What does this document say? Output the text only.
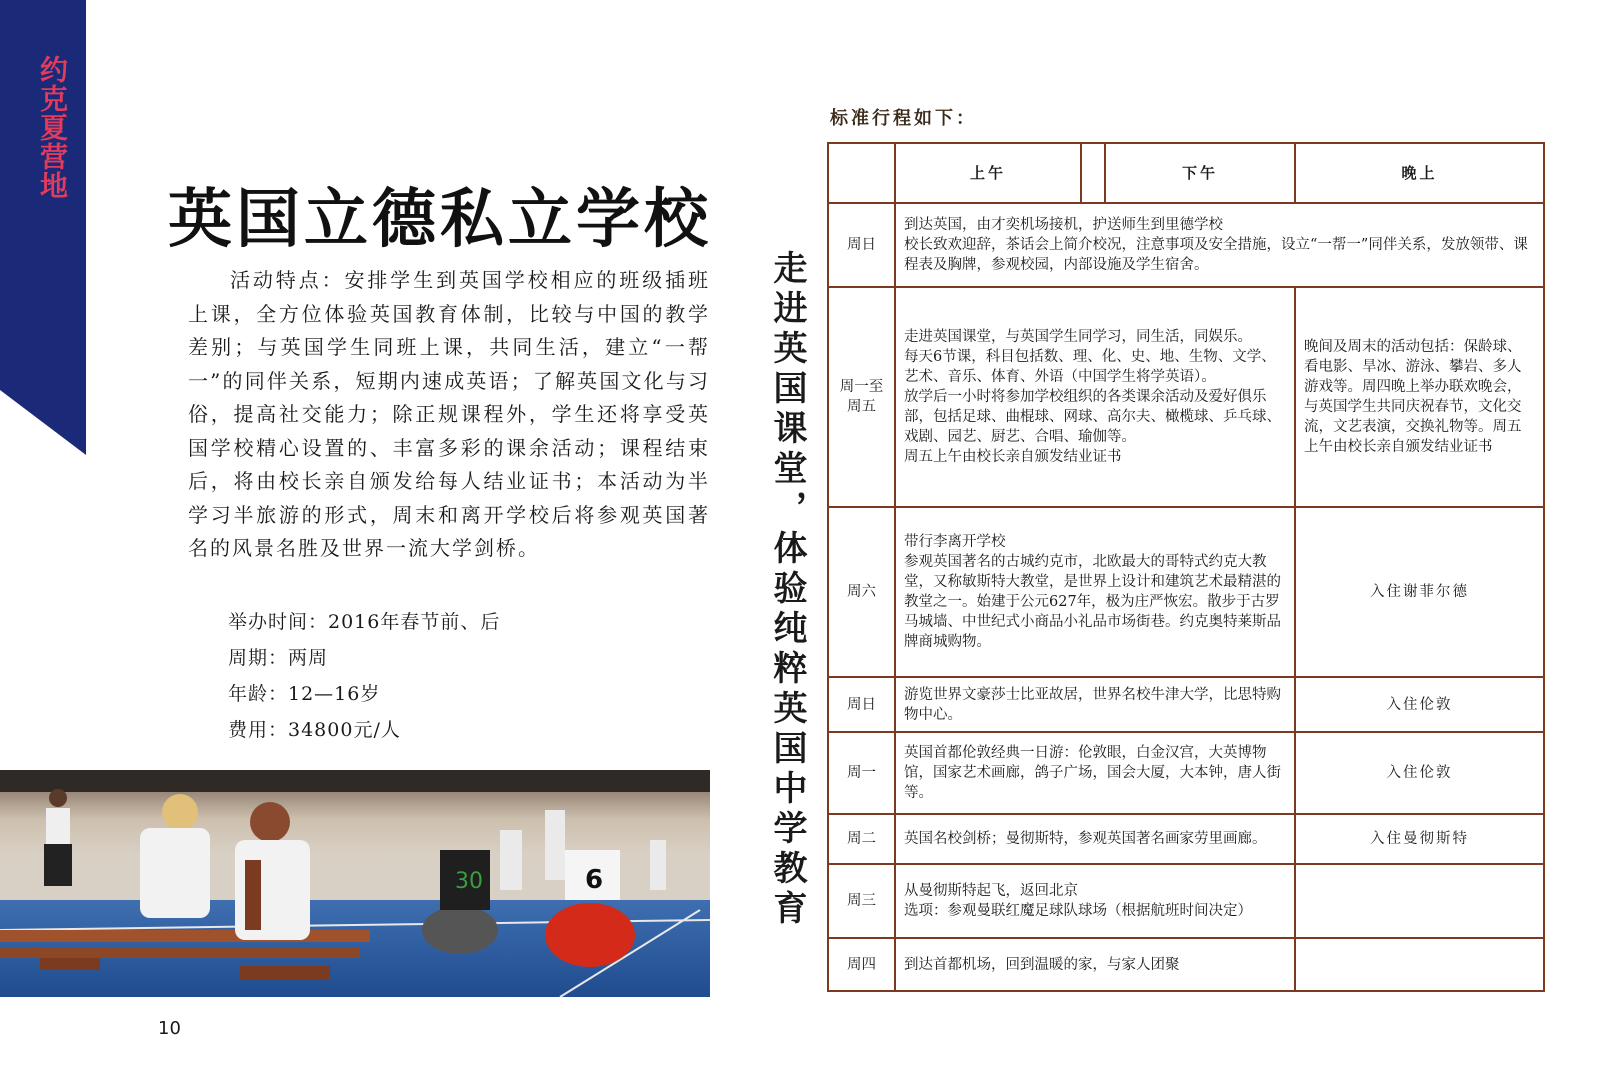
约克夏营地
英国立德私立学校
活动特点：安排学生到英国学校相应的班级插班上课，全方位体验英国教育体制，比较与中国的教学差别；与英国学生同班上课，共同生活，建立“一帮一”的同伴关系，短期内速成英语；了解英国文化与习俗，提高社交能力；除正规课程外，学生还将享受英国学校精心设置的、丰富多彩的课余活动；课程结束后，将由校长亲自颁发给每人结业证书；本活动为半学习半旅游的形式，周末和离开学校后将参观英国著名的风景名胜及世界一流大学剑桥。
举办时间：2016年春节前、后
周期：两周
年龄：12—16岁
费用：34800元/人
30	6
10
走进英国课堂，体验纯粹英国中学教育
标准行程如下：
	上午		下午	晚上
周日	到达英国，由才奕机场接机，护送师生到里德学校
校长致欢迎辞，茶话会上简介校况，注意事项及安全措施，设立“一帮一”同伴关系，发放领带、课程表及胸牌，参观校园，内部设施及学生宿舍。			

周一至周五	走进英国课堂，与英国学生同学习，同生活，同娱乐。
每天6节课，科目包括数、理、化、史、地、生物、文学、艺术、音乐、体育、外语（中国学生将学英语）。
放学后一小时将参加学校组织的各类课余活动及爱好俱乐部，包括足球、曲棍球、网球、高尔夫、橄榄球、乒乓球、戏剧、园艺、厨艺、合唱、瑜伽等。
周五上午由校长亲自颁发结业证书			晚间及周末的活动包括：保龄球、看电影、旱冰、游泳、攀岩、多人游戏等。周四晚上举办联欢晚会，与英国学生共同庆祝春节，文化交流，文艺表演，交换礼物等。周五上午由校长亲自颁发结业证书
周六	带行李离开学校
参观英国著名的古城约克市，北欧最大的哥特式约克大教堂，又称敏斯特大教堂，是世界上设计和建筑艺术最精湛的教堂之一。始建于公元627年，极为庄严恢宏。散步于古罗马城墙、中世纪式小商品小礼品市场街巷。约克奥特莱斯品牌商城购物。			入住谢菲尔德
周日	游览世界文豪莎士比亚故居，世界名校牛津大学，比思特购物中心。			入住伦敦
周一	英国首都伦敦经典一日游：伦敦眼，白金汉宫，大英博物馆，国家艺术画廊，鸽子广场，国会大厦，大本钟，唐人街等。			入住伦敦
周二	英国名校剑桥；曼彻斯特，参观英国著名画家劳里画廊。			入住曼彻斯特
周三	从曼彻斯特起飞，返回北京
选项：参观曼联红魔足球队球场（根据航班时间决定）			
周四	到达首都机场，回到温暖的家，与家人团聚			
